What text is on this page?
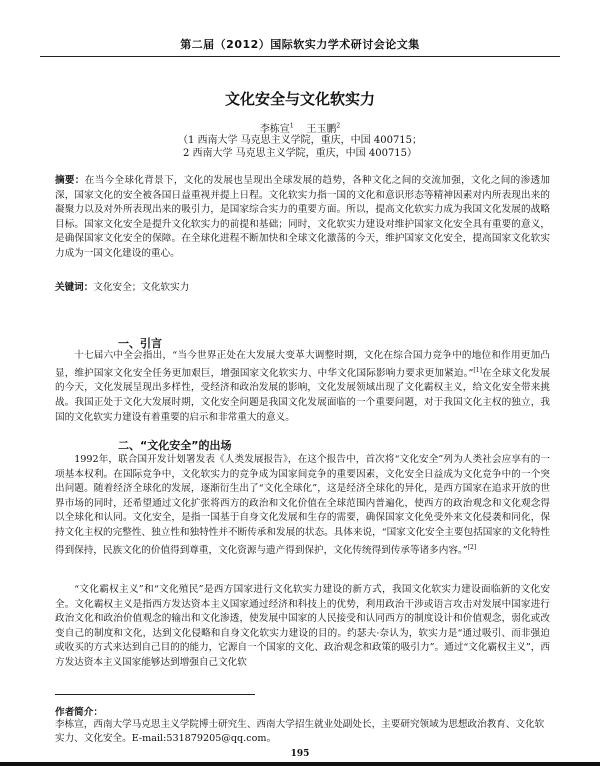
第二届（2012）国际软实力学术研讨会论文集
文化安全与文化软实力
李栋宣$^1$ 王玉鹏$^2$
（1 西南大学 马克思主义学院，重庆，中国 400715；
2 西南大学 马克思主义学院，重庆，中国 400715）
摘要：在当今全球化背景下，文化的发展也呈现出全球发展的趋势，各种文化之间的交流加强，文化之间的渗透加深，国家文化的安全被各国日益重视并提上日程。文化软实力指一国的文化和意识形态等精神因素对内所表现出来的凝聚力以及对外所表现出来的吸引力，是国家综合实力的重要方面。所以，提高文化软实力成为我国文化发展的战略目标。国家文化安全是提升文化软实力的前提和基础；同时，文化软实力建设对维护国家文化安全具有重要的意义，是确保国家文化安全的保障。在全球化进程不断加快和全球文化激荡的今天，维护国家文化安全，提高国家文化软实力成为一国文化建设的重心。
关键词：文化安全；文化软实力
一、引言
十七届六中全会指出，“当今世界正处在大发展大变革大调整时期，文化在综合国力竞争中的地位和作用更加凸显，维护国家文化安全任务更加艰巨，增强国家文化软实力、中华文化国际影响力要求更加紧迫。”[1]在全球文化发展的今天，文化发展呈现出多样性，受经济和政治发展的影响，文化发展领域出现了文化霸权主义，给文化安全带来挑战。我国正处于文化大发展时期，文化安全问题是我国文化发展面临的一个重要问题，对于我国文化主权的独立，我国的文化软实力建设有着重要的启示和非常重大的意义。
二、“文化安全”的出场
1992年，联合国开发计划署发表《人类发展报告》，在这个报告中，首次将“文化安全”列为人类社会应享有的一项基本权利。在国际竞争中，文化软实力的竞争成为国家间竞争的重要因素，文化安全日益成为文化竞争中的一个突出问题。随着经济全球化的发展，逐渐衍生出了“文化全球化”，这是经济全球化的异化，是西方国家在追求开放的世界市场的同时，还希望通过文化扩张将西方的政治和文化价值在全球范围内普遍化，使西方的政治观念和文化观念得以全球化和认同。文化安全，是指一国基于自身文化发展和生存的需要，确保国家文化免受外来文化侵袭和同化，保持文化主权的完整性、独立性和独特性并不断传承和发展的状态。具体来说，“国家文化安全主要包括国家的文化特性得到保持，民族文化的价值得到尊重，文化资源与遗产得到保护，文化传统得到传承等诸多内容。”[2]
“文化霸权主义”和“文化殖民”是西方国家进行文化软实力建设的新方式，我国文化软实力建设面临新的文化安全。文化霸权主义是指西方发达资本主义国家通过经济和科技上的优势，利用政治干涉或语言攻击对发展中国家进行政治文化和政治价值观念的输出和文化渗透，使发展中国家的人民接受和认同西方的制度设计和价值观念，弱化或改变自己的制度和文化，达到文化侵略和自身文化软实力建设的目的。约瑟夫·奈认为，软实力是“通过吸引、而非强迫或收买的方式来达到自己目的的能力，它源自一个国家的文化、政治观念和政策的吸引力”。通过“文化霸权主义”，西方发达资本主义国家能够达到增强自己文化软
作者简介：
李栋宣，西南大学马克思主义学院博士研究生、西南大学招生就业处副处长，主要研究领域为思想政治教育、文化软实力、文化安全。E-mail:531879205@qq.com。
195
